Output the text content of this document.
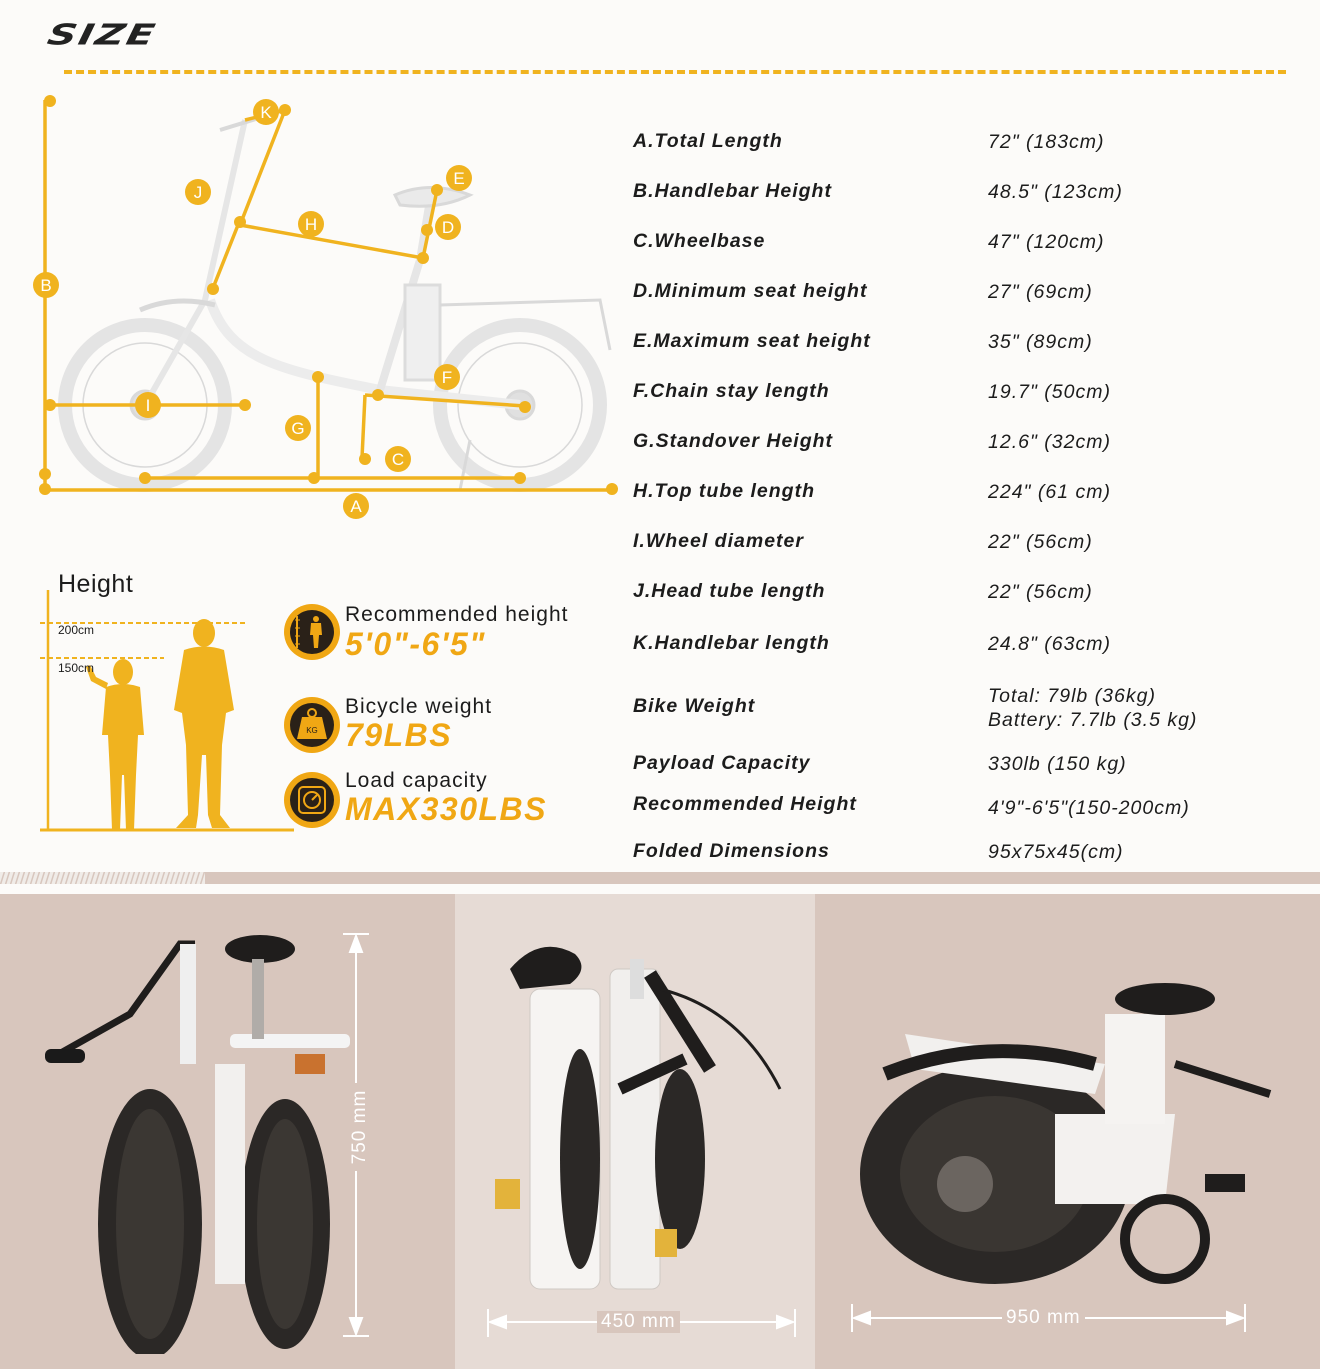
SIZE
A
B
C
D
E
F
G
H
I
J
K
A.Total Length	72" (183cm)
B.Handlebar Height	48.5" (123cm)
C.Wheelbase	47" (120cm)
D.Minimum seat height	27" (69cm)
E.Maximum seat height	35" (89cm)
F.Chain stay length	19.7" (50cm)
G.Standover Height	12.6" (32cm)
H.Top tube length	224" (61 cm)
I.Wheel diameter	22" (56cm)
J.Head tube length	22" (56cm)
K.Handlebar length	24.8" (63cm)
Bike Weight	Total: 79lb (36kg)
Battery: 7.7lb (3.5 kg)
Payload Capacity	330lb (150 kg)
Recommended Height	4'9"-6'5"(150-200cm)
Folded Dimensions	95x75x45(cm)
Height
200cm
150cm
KG
Recommended height
5'0"-6'5"
Bicycle weight
79LBS
Load capacity
MAX330LBS
750 mm
450 mm	950 mm
